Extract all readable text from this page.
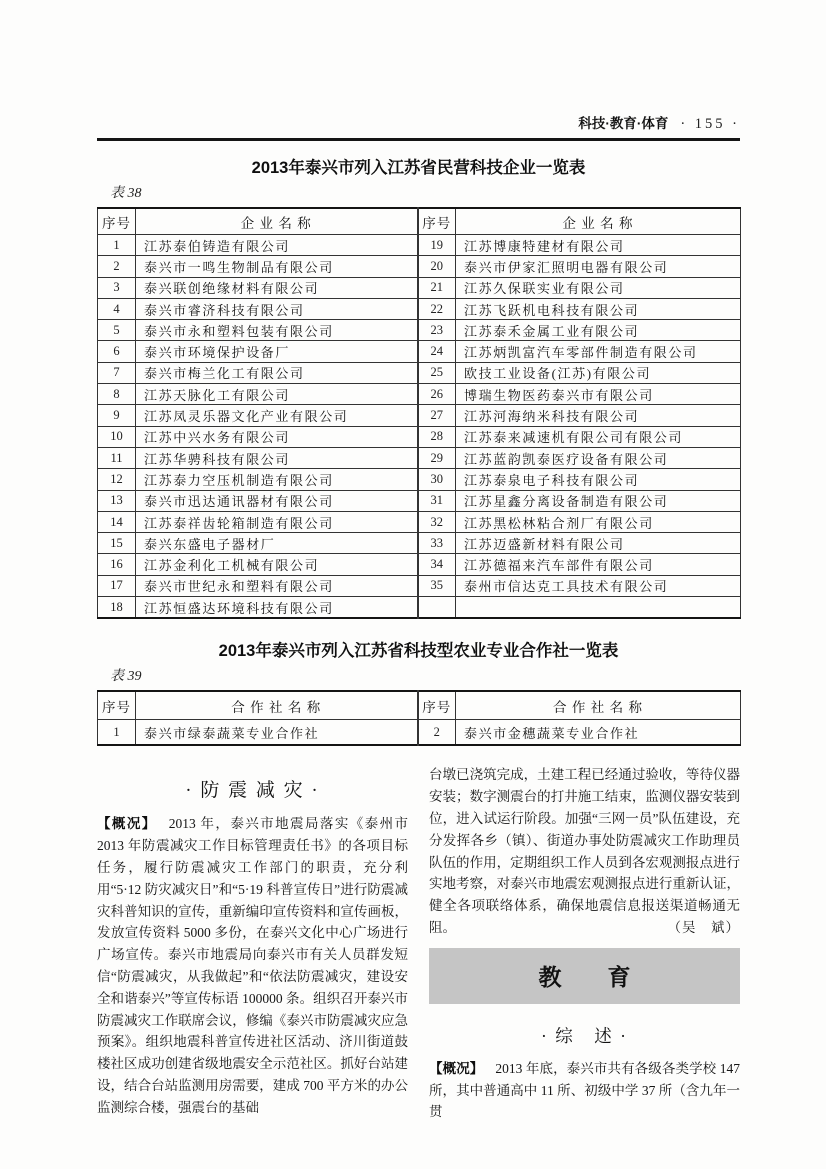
科技·教育·体育 · 155 ·
2013年泰兴市列入江苏省民营科技企业一览表
表 38
序号	企 业 名 称	序号	企 业 名 称
1	江苏泰伯铸造有限公司	19	江苏博康特建材有限公司
2	泰兴市一鸣生物制品有限公司	20	泰兴市伊家汇照明电器有限公司
3	泰兴联创绝缘材料有限公司	21	江苏久保联实业有限公司
4	泰兴市睿济科技有限公司	22	江苏飞跃机电科技有限公司
5	泰兴市永和塑料包装有限公司	23	江苏泰禾金属工业有限公司
6	泰兴市环境保护设备厂	24	江苏炳凯富汽车零部件制造有限公司
7	泰兴市梅兰化工有限公司	25	欧技工业设备(江苏)有限公司
8	江苏天脉化工有限公司	26	博瑞生物医药泰兴市有限公司
9	江苏凤灵乐器文化产业有限公司	27	江苏河海纳米科技有限公司
10	江苏中兴水务有限公司	28	江苏泰来减速机有限公司有限公司
11	江苏华骋科技有限公司	29	江苏蓝韵凯泰医疗设备有限公司
12	江苏泰力空压机制造有限公司	30	江苏泰泉电子科技有限公司
13	泰兴市迅达通讯器材有限公司	31	江苏星鑫分离设备制造有限公司
14	江苏泰祥齿轮箱制造有限公司	32	江苏黑松林粘合剂厂有限公司
15	泰兴东盛电子器材厂	33	江苏迈盛新材料有限公司
16	江苏金利化工机械有限公司	34	江苏德福来汽车部件有限公司
17	泰兴市世纪永和塑料有限公司	35	泰州市信达克工具技术有限公司
18	江苏恒盛达环境科技有限公司		
2013年泰兴市列入江苏省科技型农业专业合作社一览表
表 39
序号	合 作 社 名 称	序号	合 作 社 名 称
1	泰兴市绿泰蔬菜专业合作社	2	泰兴市金穗蔬菜专业合作社
· 防 震 减 灾 ·

【概况】 2013 年，泰兴市地震局落实《泰州市 2013 年防震减灾工作目标管理责任书》的各项目标任务，履行防震减灾工作部门的职责，充分利用“5·12 防灾减灾日”和“5·19 科普宣传日”进行防震减灾科普知识的宣传，重新编印宣传资料和宣传画板，发放宣传资料 5000 多份，在泰兴文化中心广场进行广场宣传。泰兴市地震局向泰兴市有关人员群发短信“防震减灾，从我做起”和“依法防震减灾，建设安全和谐泰兴”等宣传标语 100000 条。组织召开泰兴市防震减灾工作联席会议，修编《泰兴市防震减灾应急预案》。组织地震科普宣传进社区活动、济川街道鼓楼社区成功创建省级地震安全示范社区。抓好台站建设，结合台站监测用房需要，建成 700 平方米的办公监测综合楼，强震台的基础

台墩已浇筑完成，土建工程已经通过验收，等待仪器安装；数字测震台的打井施工结束，监测仪器安装到位，进入试运行阶段。加强“三网一员”队伍建设，充分发挥各乡（镇）、街道办事处防震减灾工作助理员队伍的作用，定期组织工作人员到各宏观测报点进行实地考察，对泰兴市地震宏观测报点进行重新认证，健全各项联络体系，确保地震信息报送渠道畅通无阻。	（吴　斌）

教　　育
· 综　述 ·

【概况】 2013 年底，泰兴市共有各级各类学校 147 所，其中普通高中 11 所、初级中学 37 所（含九年一贯
